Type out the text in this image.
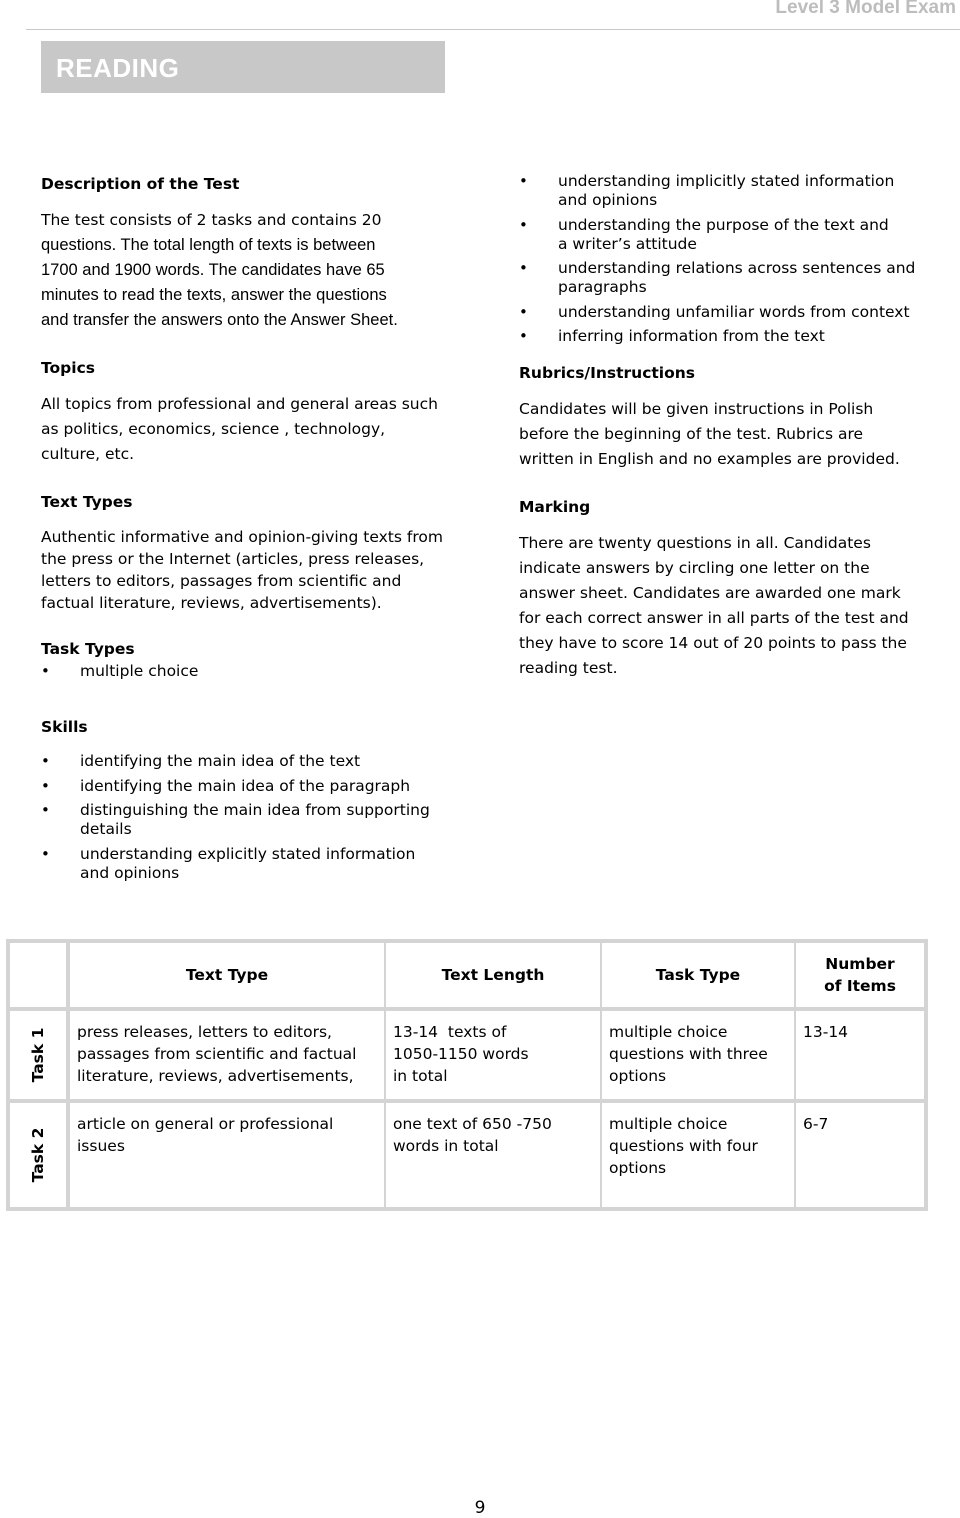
Level 3 Model Exam
READING
Description of the Test

The test consists of 2 tasks and contains 20

questions. The total length of texts is between

1700 and 1900 words. The candidates have 65

minutes to read the texts, answer the questions

and transfer the answers onto the Answer Sheet.

Topics

All topics from professional and general areas such

as politics, economics, science , technology,

culture, etc.

Text Types

Authentic informative and opinion-giving texts from

the press or the Internet (articles, press releases,

letters to editors, passages from scientific and

factual literature, reviews, advertisements).

Task Types
• multiple choice
Skills
• identifying the main idea of the text
• identifying the main idea of the paragraph
• distinguishing the main idea from supporting
details
• understanding explicitly stated information
and opinions
• understanding implicitly stated information
and opinions
• understanding the purpose of the text and
a writer’s attitude
• understanding relations across sentences and
paragraphs
• understanding unfamiliar words from context
• inferring information from the text
Rubrics/Instructions

Candidates will be given instructions in Polish

before the beginning of the test. Rubrics are

written in English and no examples are provided.

Marking

There are twenty questions in all. Candidates

indicate answers by circling one letter on the

answer sheet. Candidates are awarded one mark

for each correct answer in all parts of the test and

they have to score 14 out of 20 points to pass the

reading test.

	Text Type	Text Length	Task Type	Number
of Items

Task 1	press releases, letters to editors,
passages from scientific and factual
literature, reviews, advertisements,	13-14  texts of
1050-1150 words
in total	multiple choice
questions with three
options	13-14

Task 2	article on general or professional
issues	one text of 650 -750
words in total	multiple choice
questions with four
options	6-7
9
